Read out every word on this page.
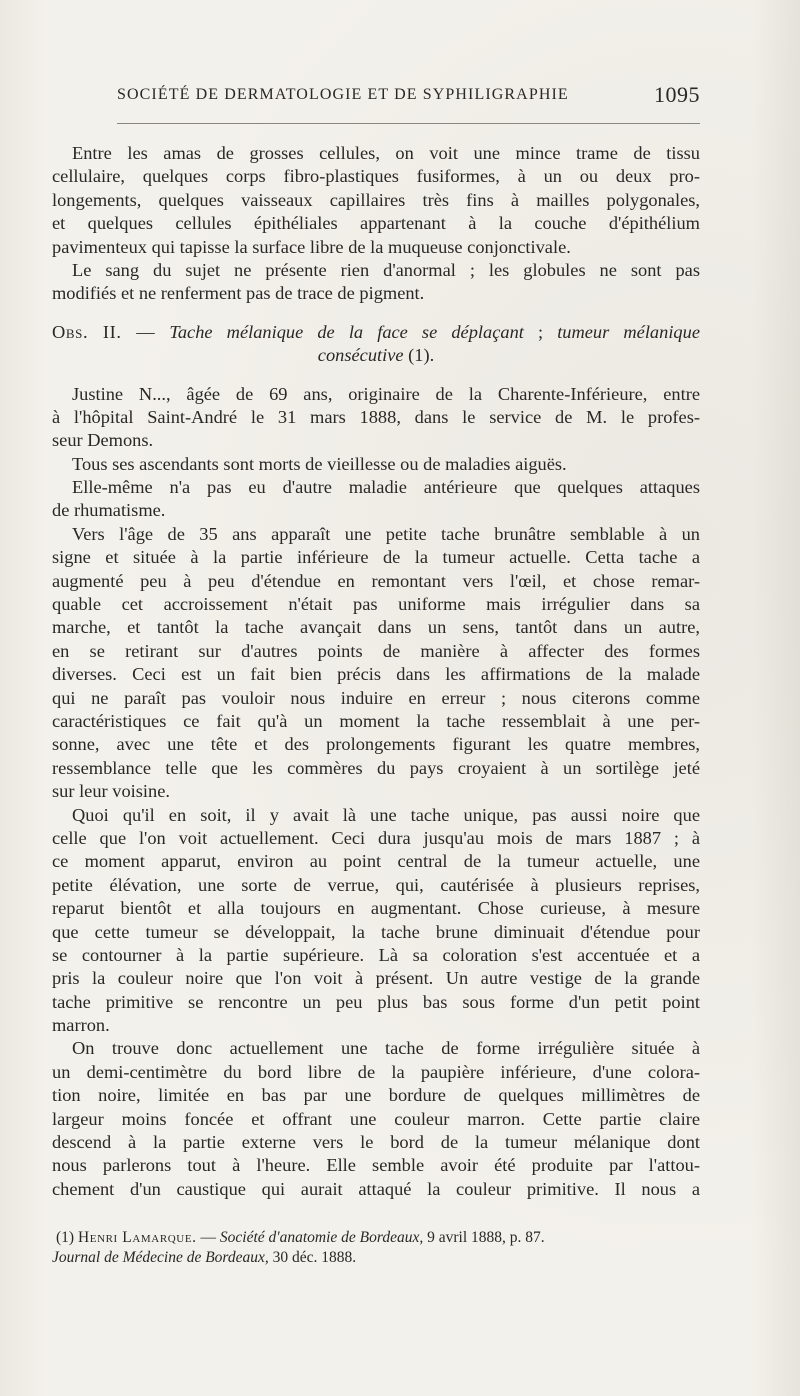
SOCIÉTÉ DE DERMATOLOGIE ET DE SYPHILIGRAPHIE	1095
Entre les amas de grosses cellules, on voit une mince trame de tissu
cellulaire, quelques corps fibro-plastiques fusiformes, à un ou deux pro-
longements, quelques vaisseaux capillaires très fins à mailles polygonales,
et quelques cellules épithéliales appartenant à la couche d'épithélium
pavimenteux qui tapisse la surface libre de la muqueuse conjonctivale.
Le sang du sujet ne présente rien d'anormal ; les globules ne sont pas
modifiés et ne renferment pas de trace de pigment.
Obs. II. — Tache mélanique de la face se déplaçant ; tumeur mélanique
consécutive (1).
Justine N..., âgée de 69 ans, originaire de la Charente-Inférieure, entre
à l'hôpital Saint-André le 31 mars 1888, dans le service de M. le profes-
seur Demons.
Tous ses ascendants sont morts de vieillesse ou de maladies aiguës.
Elle-même n'a pas eu d'autre maladie antérieure que quelques attaques
de rhumatisme.
Vers l'âge de 35 ans apparaît une petite tache brunâtre semblable à un
signe et située à la partie inférieure de la tumeur actuelle. Cetta tache a
augmenté peu à peu d'étendue en remontant vers l'œil, et chose remar-
quable cet accroissement n'était pas uniforme mais irrégulier dans sa
marche, et tantôt la tache avançait dans un sens, tantôt dans un autre,
en se retirant sur d'autres points de manière à affecter des formes
diverses. Ceci est un fait bien précis dans les affirmations de la malade
qui ne paraît pas vouloir nous induire en erreur ; nous citerons comme
caractéristiques ce fait qu'à un moment la tache ressemblait à une per-
sonne, avec une tête et des prolongements figurant les quatre membres,
ressemblance telle que les commères du pays croyaient à un sortilège jeté
sur leur voisine.
Quoi qu'il en soit, il y avait là une tache unique, pas aussi noire que
celle que l'on voit actuellement. Ceci dura jusqu'au mois de mars 1887 ; à
ce moment apparut, environ au point central de la tumeur actuelle, une
petite élévation, une sorte de verrue, qui, cautérisée à plusieurs reprises,
reparut bientôt et alla toujours en augmentant. Chose curieuse, à mesure
que cette tumeur se développait, la tache brune diminuait d'étendue pour
se contourner à la partie supérieure. Là sa coloration s'est accentuée et a
pris la couleur noire que l'on voit à présent. Un autre vestige de la grande
tache primitive se rencontre un peu plus bas sous forme d'un petit point
marron.
On trouve donc actuellement une tache de forme irrégulière située à
un demi-centimètre du bord libre de la paupière inférieure, d'une colora-
tion noire, limitée en bas par une bordure de quelques millimètres de
largeur moins foncée et offrant une couleur marron. Cette partie claire
descend à la partie externe vers le bord de la tumeur mélanique dont
nous parlerons tout à l'heure. Elle semble avoir été produite par l'attou-
chement d'un caustique qui aurait attaqué la couleur primitive. Il nous a
(1) Henri Lamarque. — Société d'anatomie de Bordeaux, 9 avril 1888, p. 87.
Journal de Médecine de Bordeaux, 30 déc. 1888.
